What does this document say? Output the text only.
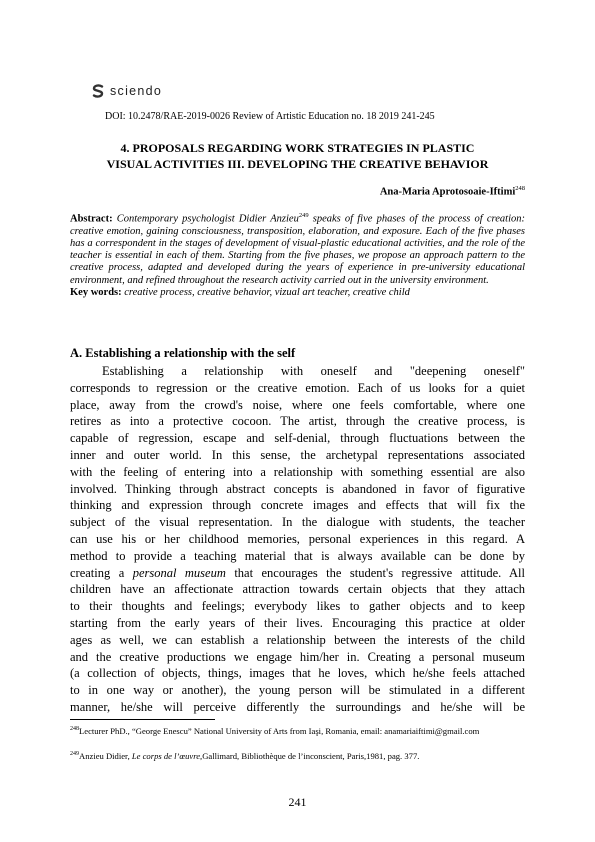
sciendo
DOI: 10.2478/RAE-2019-0026 Review of Artistic Education no. 18 2019 241-245
4. PROPOSALS REGARDING WORK STRATEGIES IN PLASTIC
VISUAL ACTIVITIES III. DEVELOPING THE CREATIVE BEHAVIOR
Ana-Maria Aprotosoaie-Iftimi$^{248}$
Abstract: Contemporary psychologist Didier Anzieu$^{249}$ speaks of five phases of the process of creation: creative emotion, gaining consciousness, transposition, elaboration, and exposure. Each of the five phases has a correspondent in the stages of development of visual-plastic educational activities, and the role of the teacher is essential in each of them. Starting from the five phases, we propose an approach pattern to the creative process, adapted and developed during the years of experience in pre-university educational environment, and refined throughout the research activity carried out in the university environment.
Key words: creative process, creative behavior, vizual art teacher, creative child
A. Establishing a relationship with the self
Establishing a relationship with oneself and "deepening oneself"
corresponds to regression or the creative emotion. Each of us looks for a quiet
place, away from the crowd's noise, where one feels comfortable, where one
retires as into a protective cocoon. The artist, through the creative process, is
capable of regression, escape and self-denial, through fluctuations between the
inner and outer world. In this sense, the archetypal representations associated
with the feeling of entering into a relationship with something essential are also
involved. Thinking through abstract concepts is abandoned in favor of figurative
thinking and expression through concrete images and effects that will fix the
subject of the visual representation. In the dialogue with students, the teacher
can use his or her childhood memories, personal experiences in this regard. A
method to provide a teaching material that is always available can be done by
creating a personal museum that encourages the student's regressive attitude. All
children have an affectionate attraction towards certain objects that they attach
to their thoughts and feelings; everybody likes to gather objects and to keep
starting from the early years of their lives. Encouraging this practice at older
ages as well, we can establish a relationship between the interests of the child
and the creative productions we engage him/her in. Creating a personal museum
(a collection of objects, things, images that he loves, which he/she feels attached
to in one way or another), the young person will be stimulated in a different
manner, he/she will perceive differently the surroundings and he/she will be
$^{248}$Lecturer PhD., “George Enescu” National University of Arts from Iaşi, Romania, email: anamariaiftimi@gmail.com
$^{249}$Anzieu Didier, Le corps de l’œuvre,Gallimard, Bibliothèque de l’inconscient, Paris,1981, pag. 377.
241
